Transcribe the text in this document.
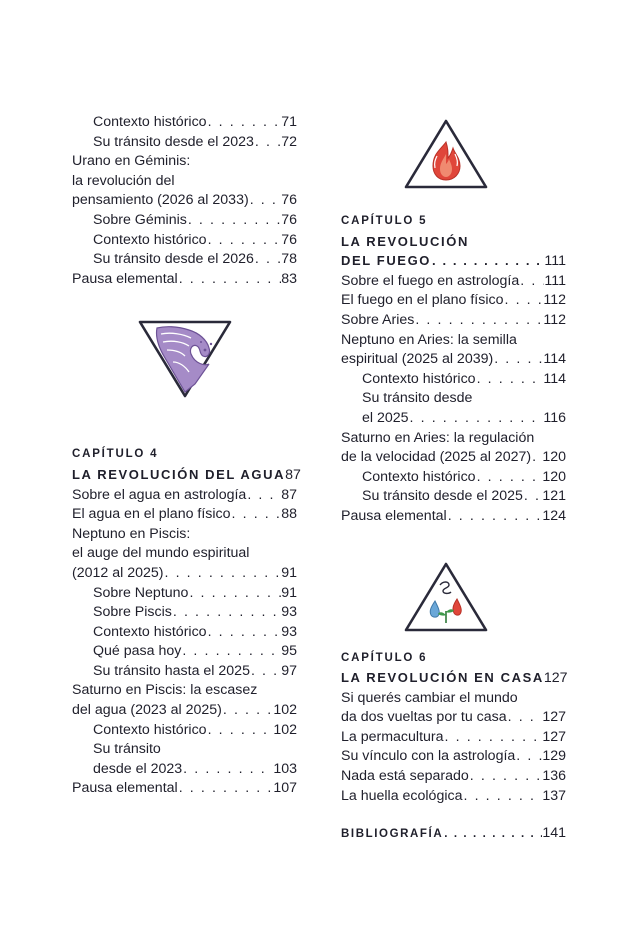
Contexto histórico . . .	71
Su tránsito desde el 2023 . . . 72
Urano en Géminis:
la revolución del
pensamiento (2026 al 2033) . . . 76
Sobre Géminis . . .	76
Contexto histórico . . .	76
Su tránsito desde el 2026 . . . 78
Pausa elemental . . .	83
CAPÍTULO 4
LA REVOLUCIÓN DEL AGUA 87
Sobre el agua en astrología . . . 87
El agua en el plano físico . . .	88
Neptuno en Piscis:
el auge del mundo espiritual
(2012 al 2025) . . .	91
Sobre Neptuno . . .	91
Sobre Piscis . . .	93
Contexto histórico . . .	93
Qué pasa hoy . . .	95
Su tránsito hasta el 2025 . . . 97
Saturno en Piscis: la escasez
del agua (2023 al 2025) . . .	102
Contexto histórico . . .	102
Su tránsito
desde el 2023 . . .	103
Pausa elemental . . .	107
CAPÍTULO 5
LA REVOLUCIÓN
DEL FUEGO . . .	111
Sobre el fuego en astrología . . . 111
El fuego en el plano físico . . .	112
Sobre Aries . . .	112
Neptuno en Aries: la semilla
espiritual (2025 al 2039) . . .	114
Contexto histórico . . .	114
Su tránsito desde
el 2025 . . .	116
Saturno en Aries: la regulación
de la velocidad (2025 al 2027) . . . 120
Contexto histórico . . .	120
Su tránsito desde el 2025 . . . 121
Pausa elemental . . .	124
CAPÍTULO 6
LA REVOLUCIÓN EN CASA 127
Si querés cambiar el mundo
da dos vueltas por tu casa . . .	127
La permacultura . . .	127
Su vínculo con la astrología . . . 129
Nada está separado . . .	136
La huella ecológica . . .	137
BIBLIOGRAFÍA . . .	141
